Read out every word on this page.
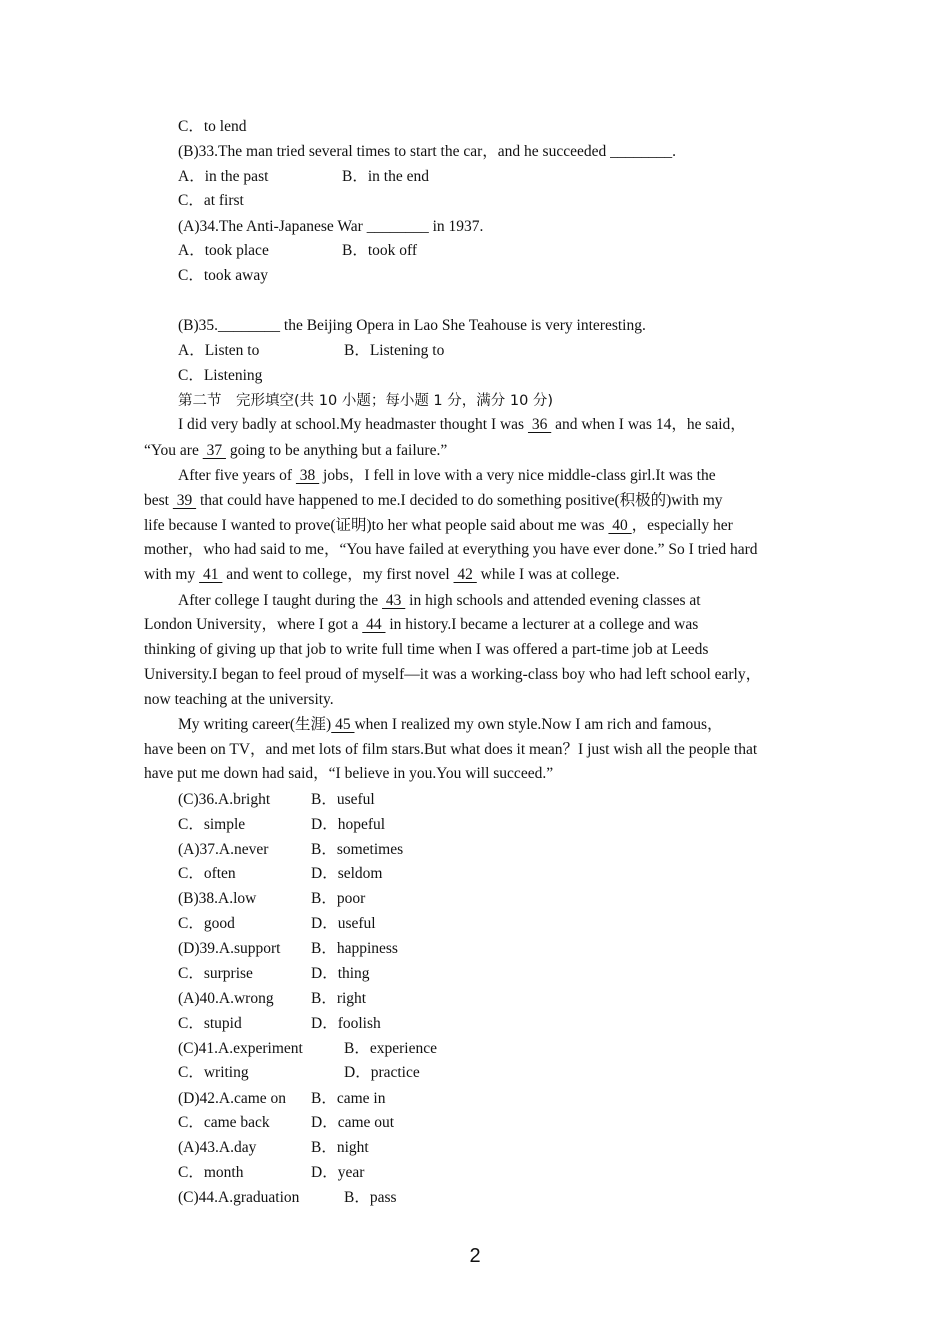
C．to lend
(B)33.The man tried several times to start the car，and he succeeded ________.
A．in the past	B．in the end
C．at first
(A)34.The Anti-Japanese War ________ in 1937.
A．took place	B．took off
C．took away
(B)35.________ the Beijing Opera in Lao She Teahouse is very interesting.
A．Listen to	B．Listening to
C．Listening
第二节　完形填空(共 10 小题；每小题 1 分，满分 10 分)
I did very badly at school.My headmaster thought I was  36  and when I was 14，he said，
“You are  37  going to be anything but a failure.”
After five years of  38  jobs，I fell in love with a very nice middle-class girl.It was the
best  39  that could have happened to me.I decided to do something positive(积极的)with my
life because I wanted to prove(证明)to her what people said about me was  40 ，especially her
mother，who had said to me，“You have failed at everything you have ever done.” So I tried hard
with my  41  and went to college，my first novel  42  while I was at college.
After college I taught during the  43  in high schools and attended evening classes at
London University，where I got a  44  in history.I became a lecturer at a college and was
thinking of giving up that job to write full time when I was offered a part-time job at Leeds
University.I began to feel proud of myself—it was a working-class boy who had left school early，
now teaching at the university.
My writing career(生涯) 45 when I realized my own style.Now I am rich and famous，
have been on TV，and met lots of film stars.But what does it mean？I just wish all the people that
have put me down had said，“I believe in you.You will succeed.”
(C)36.A.bright	B．useful
C．simple	D．hopeful
(A)37.A.never	B．sometimes
C．often	D．seldom
(B)38.A.low	B．poor
C．good	D．useful
(D)39.A.support B．happiness
C．surprise	D．thing
(A)40.A.wrong B．right
C．stupid	D．foolish
(C)41.A.experiment	B．experience
C．writing	D．practice
(D)42.A.came on B．came in
C．came back	D．came out
(A)43.A.day	B．night
C．month	D．year
(C)44.A.graduation	B．pass
2
